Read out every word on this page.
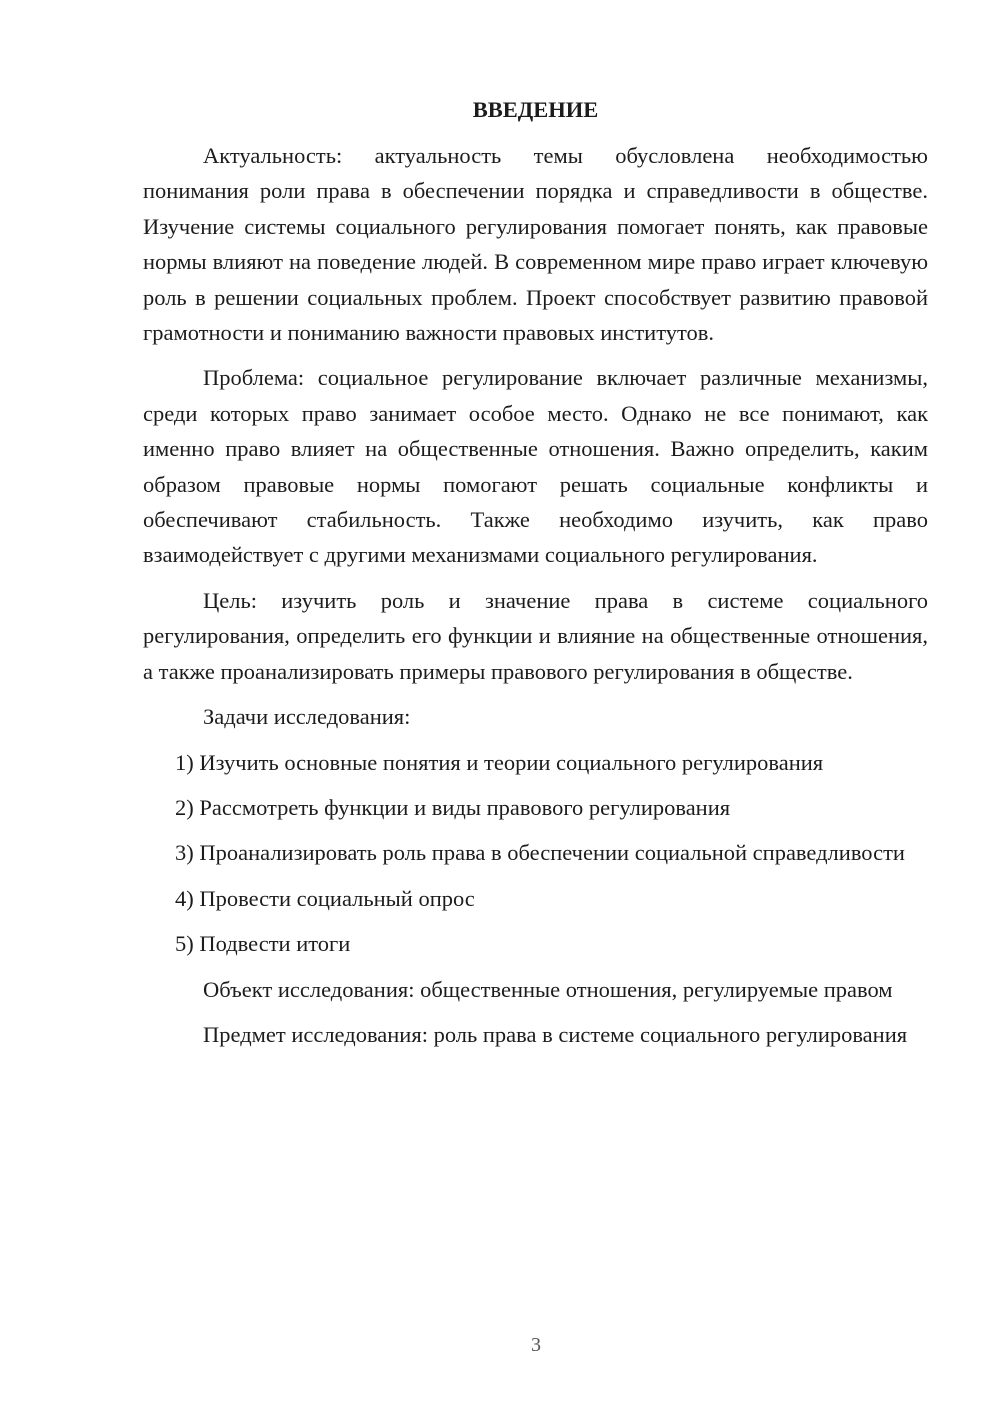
ВВЕДЕНИЕ

Актуальность: актуальность темы обусловлена необходимостью понимания роли права в обеспечении порядка и справедливости в обществе. Изучение системы социального регулирования помогает понять, как правовые нормы влияют на поведение людей. В современном мире право играет ключевую роль в решении социальных проблем. Проект способствует развитию правовой грамотности и пониманию важности правовых институтов.

Проблема: социальное регулирование включает различные механизмы, среди которых право занимает особое место. Однако не все понимают, как именно право влияет на общественные отношения. Важно определить, каким образом правовые нормы помогают решать социальные конфликты и обеспечивают стабильность. Также необходимо изучить, как право взаимодействует с другими механизмами социального регулирования.

Цель: изучить роль и значение права в системе социального регулирования, определить его функции и влияние на общественные отношения, а также проанализировать примеры правового регулирования в обществе.

Задачи исследования:

1) Изучить основные понятия и теории социального регулирования

2) Рассмотреть функции и виды правового регулирования

3) Проанализировать роль права в обеспечении социальной справедливости

4) Провести социальный опрос

5) Подвести итоги

Объект исследования: общественные отношения, регулируемые правом

Предмет исследования: роль права в системе социального регулирования

3
